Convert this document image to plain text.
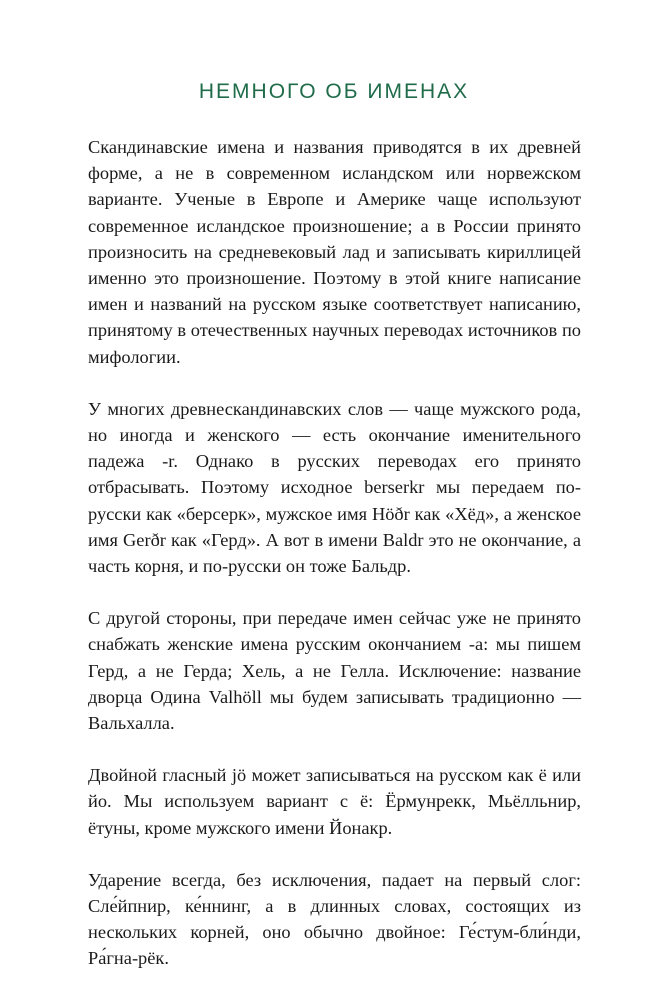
НЕМНОГО ОБ ИМЕНАХ

Скандинавские имена и названия приводятся в их древней форме, а не в современном исландском или норвежском варианте. Ученые в Европе и Америке чаще используют современное исландское произношение; а в России принято произносить на средневековый лад и записывать кириллицей именно это произношение. Поэтому в этой книге написание имен и названий на русском языке соответствует написанию, принятому в отечественных научных переводах источников по мифологии.

У многих древнескандинавских слов — чаще мужского рода, но иногда и женского — есть окончание именительного падежа -r. Однако в русских переводах его принято отбрасывать. Поэтому исходное berserkr мы передаем по-русски как «берсерк», мужское имя Höðr как «Хёд», а женское имя Gerðr как «Герд». А вот в имени Baldr это не окончание, а часть корня, и по-русски он тоже Бальдр.

С другой стороны, при передаче имен сейчас уже не принято снабжать женские имена русским окончанием -а: мы пишем Герд, а не Герда; Хель, а не Гелла. Исключение: название дворца Одина Valhöll мы будем записывать традиционно — Вальхалла.

Двойной гласный jö может записываться на русском как ё или йо. Мы используем вариант с ё: Ёрмунрекк, Мьёлльнир, ётуны, кроме мужского имени Йонакр.

Ударение всегда, без исключения, падает на первый слог: Сле́йпнир, ке́ннинг, а в длинных словах, состоящих из нескольких корней, оно обычно двойное: Ге́стум-бли́нди, Ра́гна-рёк.
